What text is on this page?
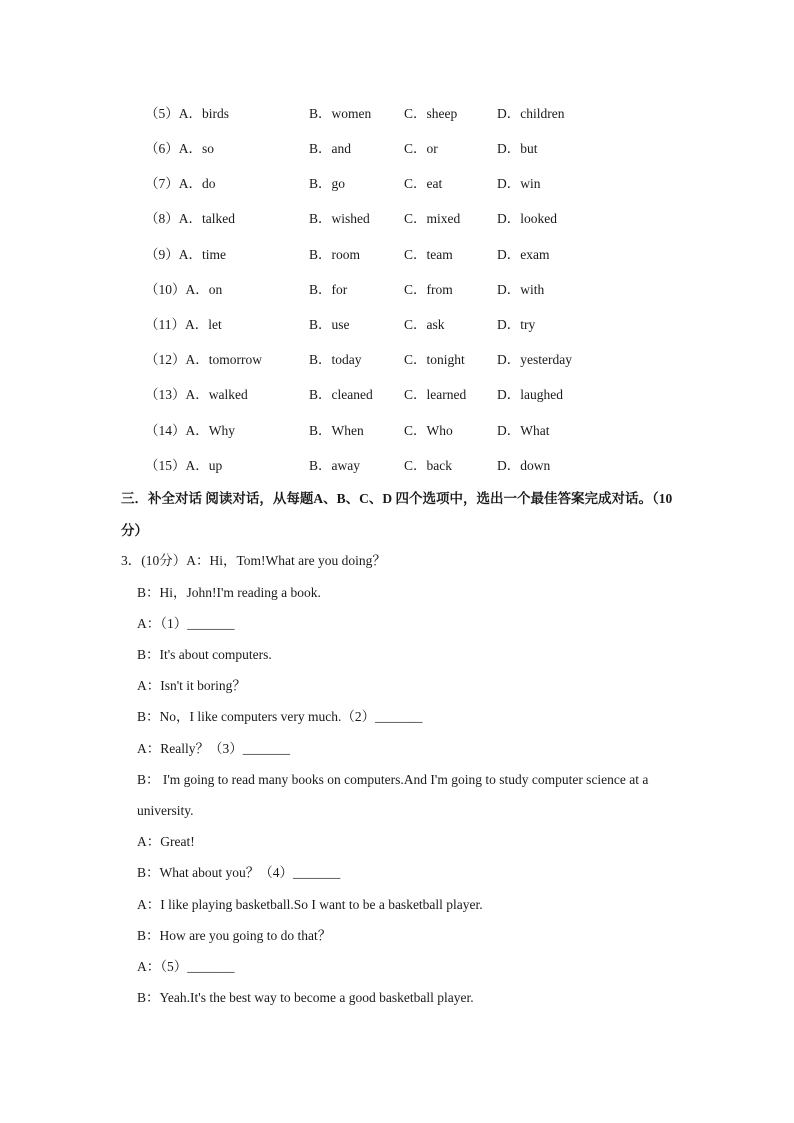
（5）A．birds	B．women C．sheep	D．children
（6）A．so	B．and	C．or	D．but
（7）A．do	B．go	C．eat	D．win
（8）A．talked	B．wished	C．mixed	D．looked
（9）A．time	B．room	C．team	D．exam
（10）A．on	B．for	C．from	D．with
（11）A．let	B．use	C．ask	D．try
（12）A．tomorrow	B．today	C．tonight D．yesterday
（13）A．walked	B．cleaned C．learned D．laughed
（14）A．Why	B．When	C．Who	D．What
（15）A．up	B．away	C．back	D．down
三．补全对话 阅读对话，从每题A、B、C、D 四个选项中，选出一个最佳答案完成对话。（10 分）
3．(10分）A：Hi，Tom!What are you doing？
B：Hi，John!I'm reading a book.
A：（1）_______
B：It's about computers.
A：Isn't it boring？
B：No，I like computers very much.（2）_______
A：Really？（3）_______
B： I'm going to read many books on computers.And I'm going to study computer science at a
university.
A：Great!
B：What about you？（4）_______
A：I like playing basketball.So I want to be a basketball player.
B：How are you going to do that？
A：（5）_______
B：Yeah.It's the best way to become a good basketball player.
